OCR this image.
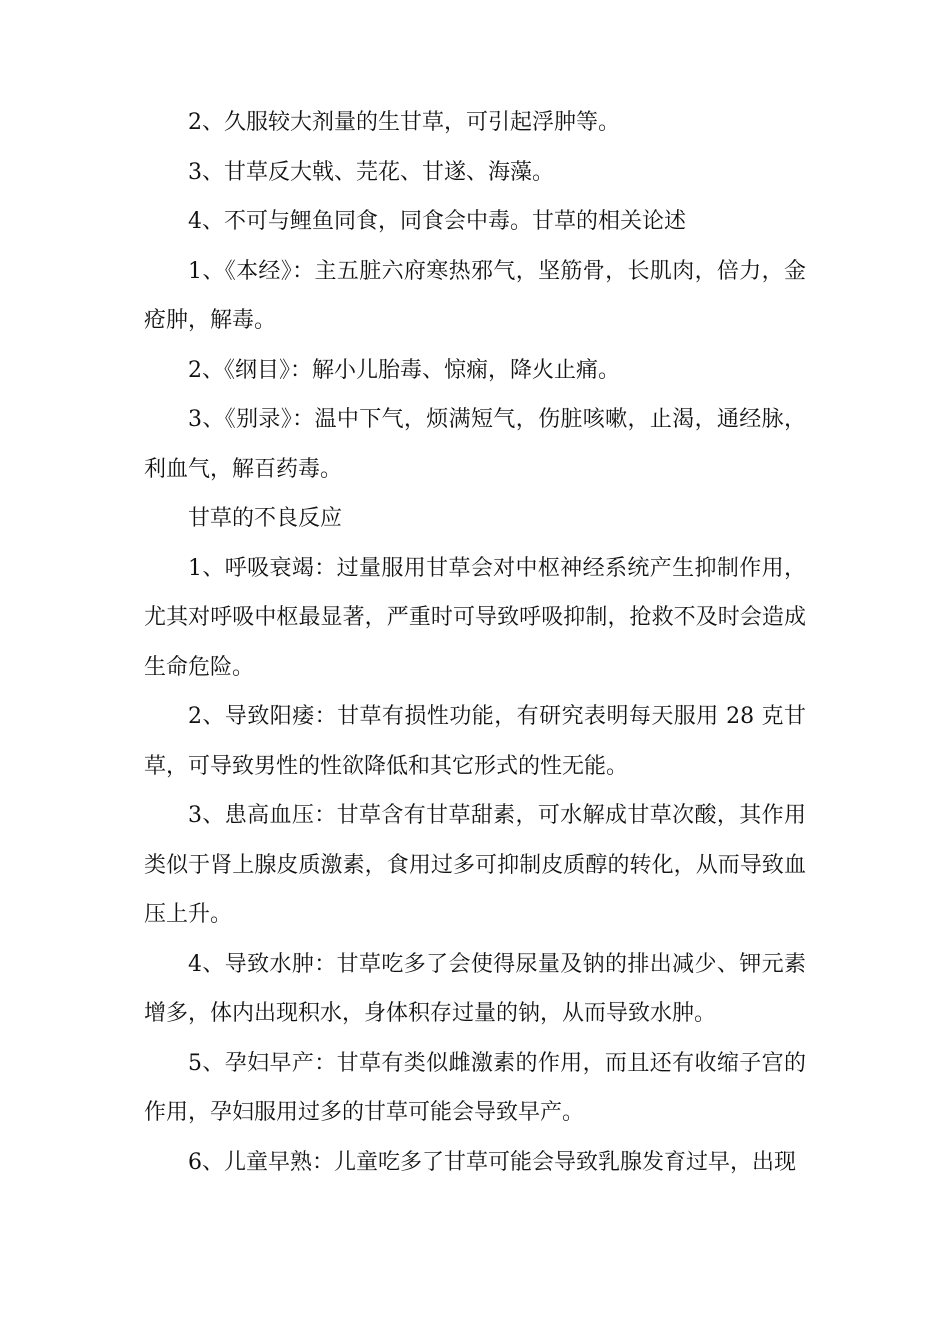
2、久服较大剂量的生甘草，可引起浮肿等。

3、甘草反大戟、芫花、甘遂、海藻。

4、不可与鲤鱼同食，同食会中毒。甘草的相关论述

1、《本经》：主五脏六府寒热邪气，坚筋骨，长肌肉，倍力，金疮肿，解毒。

2、《纲目》：解小儿胎毒、惊痫，降火止痛。

3、《别录》：温中下气，烦满短气，伤脏咳嗽，止渴，通经脉，利血气，解百药毒。

甘草的不良反应

1、呼吸衰竭：过量服用甘草会对中枢神经系统产生抑制作用，尤其对呼吸中枢最显著，严重时可导致呼吸抑制，抢救不及时会造成生命危险。

2、导致阳痿：甘草有损性功能，有研究表明每天服用 28 克甘草，可导致男性的性欲降低和其它形式的性无能。

3、患高血压：甘草含有甘草甜素，可水解成甘草次酸，其作用类似于肾上腺皮质激素，食用过多可抑制皮质醇的转化，从而导致血压上升。

4、导致水肿：甘草吃多了会使得尿量及钠的排出减少、钾元素增多，体内出现积水，身体积存过量的钠，从而导致水肿。

5、孕妇早产：甘草有类似雌激素的作用，而且还有收缩子宫的作用，孕妇服用过多的甘草可能会导致早产。

6、儿童早熟：儿童吃多了甘草可能会导致乳腺发育过早，出现
